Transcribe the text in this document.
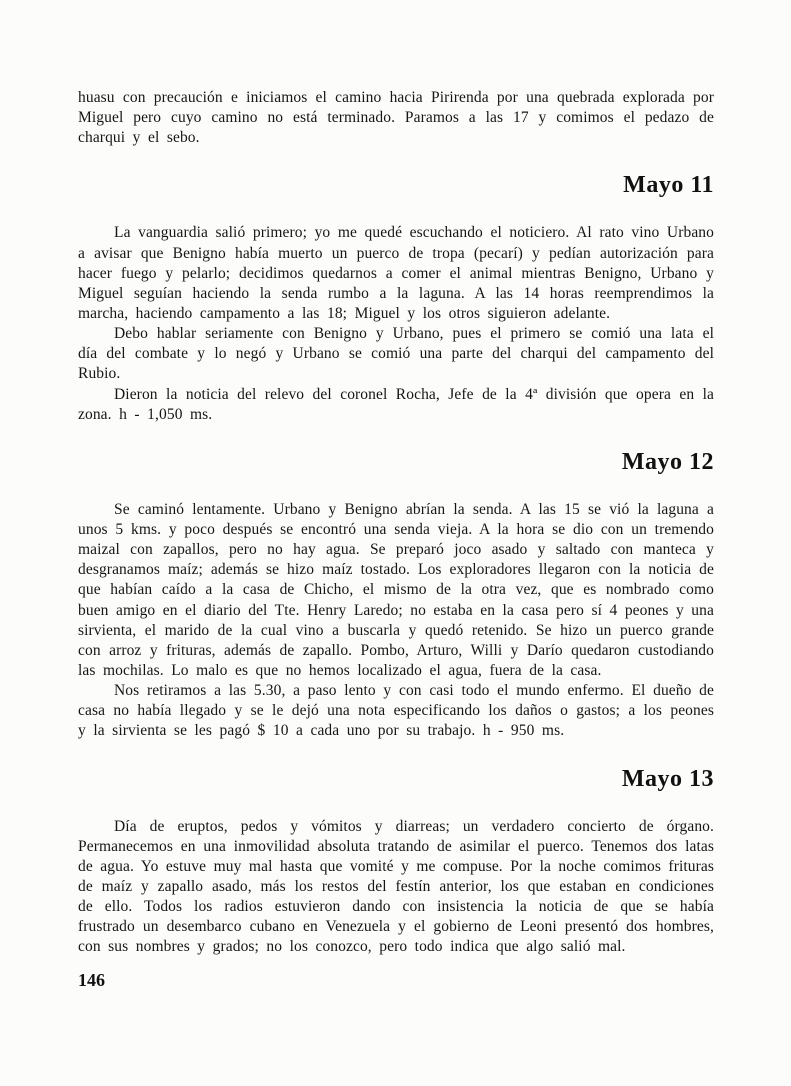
huasu con precaución e iniciamos el camino hacia Pirirenda por una quebrada explorada por Miguel pero cuyo camino no está terminado. Paramos a las 17 y comimos el pedazo de charqui y el sebo.

Mayo 11

La vanguardia salió primero; yo me quedé escuchando el noticiero. Al rato vino Urbano a avisar que Benigno había muerto un puerco de tropa (pecarí) y pedían autorización para hacer fuego y pelarlo; decidimos quedarnos a comer el animal mientras Benigno, Urbano y Miguel seguían haciendo la senda rumbo a la laguna. A las 14 horas reemprendimos la marcha, haciendo campamento a las 18; Miguel y los otros siguieron adelante.

Debo hablar seriamente con Benigno y Urbano, pues el primero se comió una lata el día del combate y lo negó y Urbano se comió una parte del charqui del campamento del Rubio.

Dieron la noticia del relevo del coronel Rocha, Jefe de la 4ª división que opera en la zona. h - 1,050 ms.

Mayo 12

Se caminó lentamente. Urbano y Benigno abrían la senda. A las 15 se vió la laguna a unos 5 kms. y poco después se encontró una senda vieja. A la hora se dio con un tremendo maizal con zapallos, pero no hay agua. Se preparó joco asado y saltado con manteca y desgranamos maíz; además se hizo maíz tostado. Los exploradores llegaron con la noticia de que habían caído a la casa de Chicho, el mismo de la otra vez, que es nombrado como buen amigo en el diario del Tte. Henry Laredo; no estaba en la casa pero sí 4 peones y una sirvienta, el marido de la cual vino a buscarla y quedó retenido. Se hizo un puerco grande con arroz y frituras, además de zapallo. Pombo, Arturo, Willi y Darío quedaron custodiando las mochilas. Lo malo es que no hemos localizado el agua, fuera de la casa.

Nos retiramos a las 5.30, a paso lento y con casi todo el mundo enfermo. El dueño de casa no había llegado y se le dejó una nota especificando los daños o gastos; a los peones y la sirvienta se les pagó $ 10 a cada uno por su trabajo. h - 950 ms.

Mayo 13

Día de eruptos, pedos y vómitos y diarreas; un verdadero concierto de órgano. Permanecemos en una inmovilidad absoluta tratando de asimilar el puerco. Tenemos dos latas de agua. Yo estuve muy mal hasta que vomité y me compuse. Por la noche comimos frituras de maíz y zapallo asado, más los restos del festín anterior, los que estaban en condiciones de ello. Todos los radios estuvieron dando con insistencia la noticia de que se había frustrado un desembarco cubano en Venezuela y el gobierno de Leoni presentó dos hombres, con sus nombres y grados; no los conozco, pero todo indica que algo salió mal.

146
